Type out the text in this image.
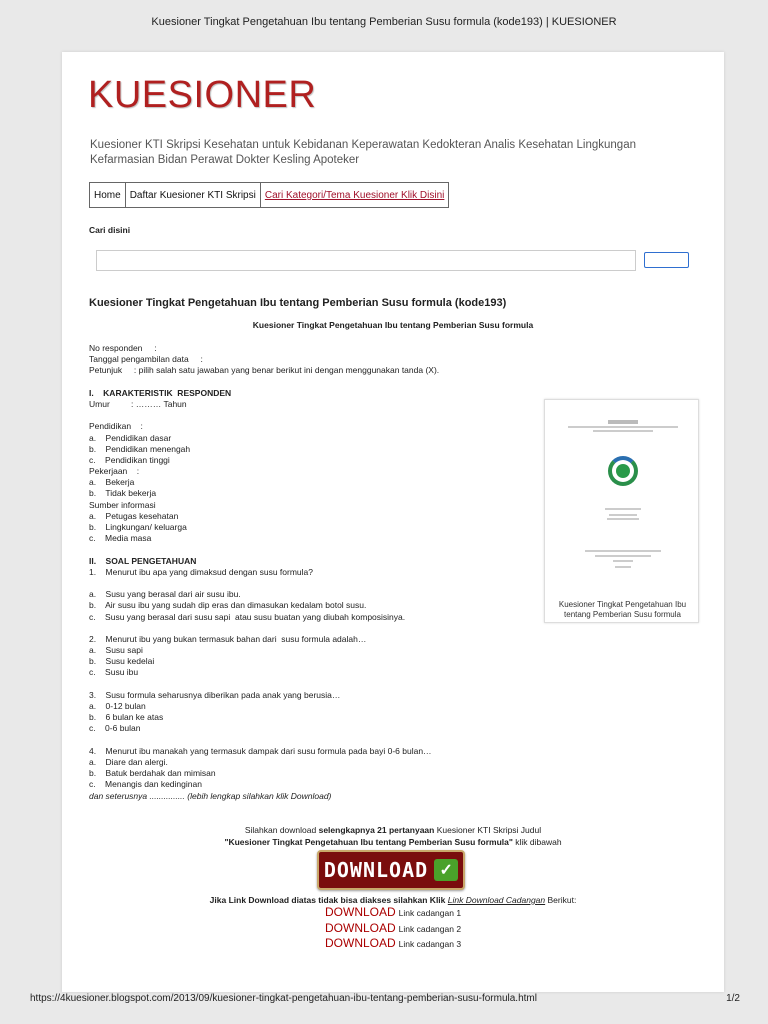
Kuesioner Tingkat Pengetahuan Ibu tentang Pemberian Susu formula (kode193) | KUESIONER
KUESIONER
Kuesioner KTI Skripsi Kesehatan untuk Kebidanan Keperawatan Kedokteran Analis Kesehatan Lingkungan Kefarmasian Bidan Perawat Dokter Kesling Apoteker
Home Daftar Kuesioner KTI Skripsi Cari Kategori/Tema Kuesioner Klik Disini
Cari disini
Kuesioner Tingkat Pengetahuan Ibu tentang Pemberian Susu formula (kode193)
Kuesioner Tingkat Pengetahuan Ibu tentang Pemberian Susu formula
No responden     :
Tanggal pengambilan data     :
Petunjuk     : pilih salah satu jawaban yang benar berikut ini dengan menggunakan tanda (X).
I.    KARAKTERISTIK  RESPONDEN
Umur         : ……… Tahun
Pendidikan    :
a.    Pendidikan dasar
b.    Pendidikan menengah
c.    Pendidikan tinggi
Pekerjaan    :
a.    Bekerja
b.    Tidak bekerja
Sumber informasi
a.    Petugas kesehatan
b.    Lingkungan/ keluarga
c.    Media masa
II.    SOAL PENGETAHUAN
1.    Menurut ibu apa yang dimaksud dengan susu formula?
a.    Susu yang berasal dari air susu ibu.
b.    Air susu ibu yang sudah dip eras dan dimasukan kedalam botol susu.
c.    Susu yang berasal dari susu sapi  atau susu buatan yang diubah komposisinya.
2.    Menurut ibu yang bukan termasuk bahan dari  susu formula adalah…
a.    Susu sapi
b.    Susu kedelai
c.    Susu ibu
3.    Susu formula seharusnya diberikan pada anak yang berusia…
a.    0-12 bulan
b.    6 bulan ke atas
c.    0-6 bulan
4.    Menurut ibu manakah yang termasuk dampak dari susu formula pada bayi 0-6 bulan…
a.    Diare dan alergi.
b.    Batuk berdahak dan mimisan
c.    Menangis dan kedinginan
dan seterusnya ............... (lebih lengkap silahkan klik Download)
Kuesioner Tingkat Pengetahuan Ibu tentang Pemberian Susu formula
Silahkan download selengkapnya 21 pertanyaan Kuesioner KTI Skripsi Judul
"Kuesioner Tingkat Pengetahuan Ibu tentang Pemberian Susu formula" klik dibawah
DOWNLOAD ✓
Jika Link Download diatas tidak bisa diakses silahkan Klik Link Download Cadangan Berikut:
DOWNLOAD Link cadangan 1
DOWNLOAD Link cadangan 2
DOWNLOAD Link cadangan 3
https://4kuesioner.blogspot.com/2013/09/kuesioner-tingkat-pengetahuan-ibu-tentang-pemberian-susu-formula.html	1/2
